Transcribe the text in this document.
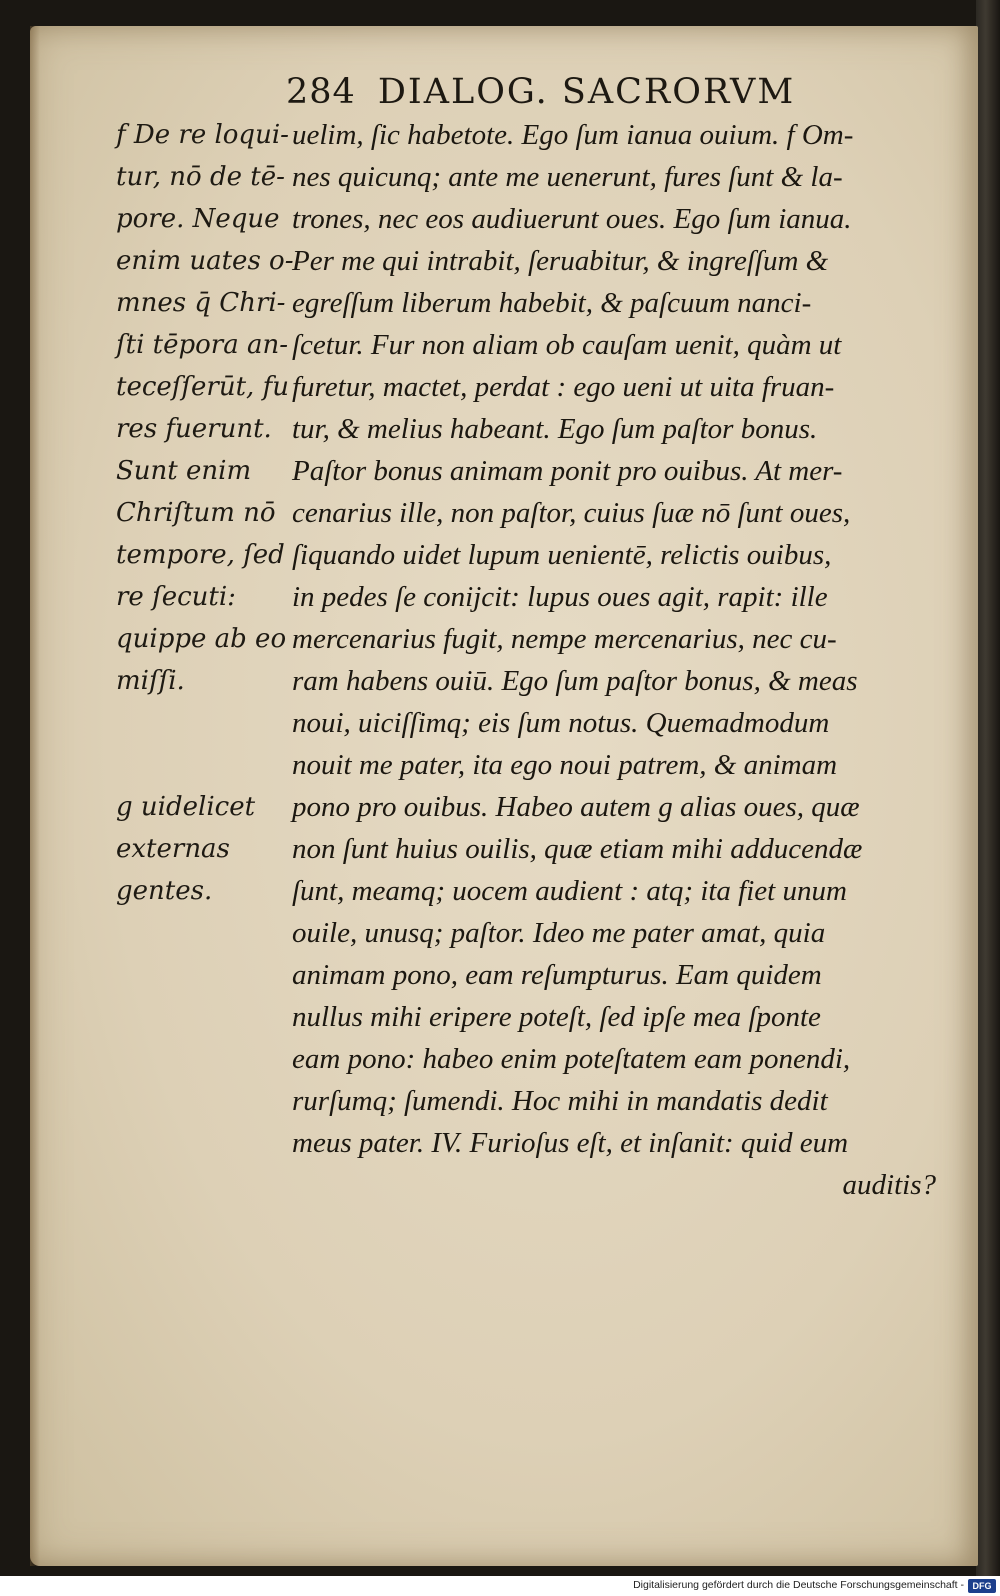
284 DIALOG. SACRORVM
f De re loqui-
tur, nō de tē-
pore. Neque
enim uates o-
mnes q̄ Chri-
ſti tēpora an-
teceſſerūt, fu
res fuerunt.
Sunt enim
Chriſtum nō
tempore, ſed
re ſecuti:
quippe ab eo
miſſi.
g uidelicet
externas
gentes.
uelim, ſic habetote. Ego ſum ianua ouium. f Om-
nes quicunq; ante me uenerunt, fures ſunt & la-
trones, nec eos audiuerunt oues. Ego ſum ianua.
Per me qui intrabit, ſeruabitur, & ingreſſum &
egreſſum liberum habebit, & paſcuum nanci-
ſcetur. Fur non aliam ob cauſam uenit, quàm ut
furetur, mactet, perdat : ego ueni ut uita fruan-
tur, & melius habeant. Ego ſum paſtor bonus.
Paſtor bonus animam ponit pro ouibus. At mer-
cenarius ille, non paſtor, cuius ſuæ nō ſunt oues,
ſiquando uidet lupum uenientē, relictis ouibus,
in pedes ſe conijcit: lupus oues agit, rapit: ille
mercenarius fugit, nempe mercenarius, nec cu-
ram habens ouiū. Ego ſum paſtor bonus, & meas
noui, uiciſſimq; eis ſum notus. Quemadmodum
nouit me pater, ita ego noui patrem, & animam
pono pro ouibus. Habeo autem g alias oues, quæ
non ſunt huius ouilis, quæ etiam mihi adducendæ
ſunt, meamq; uocem audient : atq; ita fiet unum
ouile, unusq; paſtor. Ideo me pater amat, quia
animam pono, eam reſumpturus. Eam quidem
nullus mihi eripere poteſt, ſed ipſe mea ſponte
eam pono: habeo enim poteſtatem eam ponendi,
rurſumq; ſumendi. Hoc mihi in mandatis dedit
meus pater. IV. Furioſus eſt, et inſanit: quid eum
auditis?
Digitalisierung gefördert durch die Deutsche Forschungsgemeinschaft - DFG
